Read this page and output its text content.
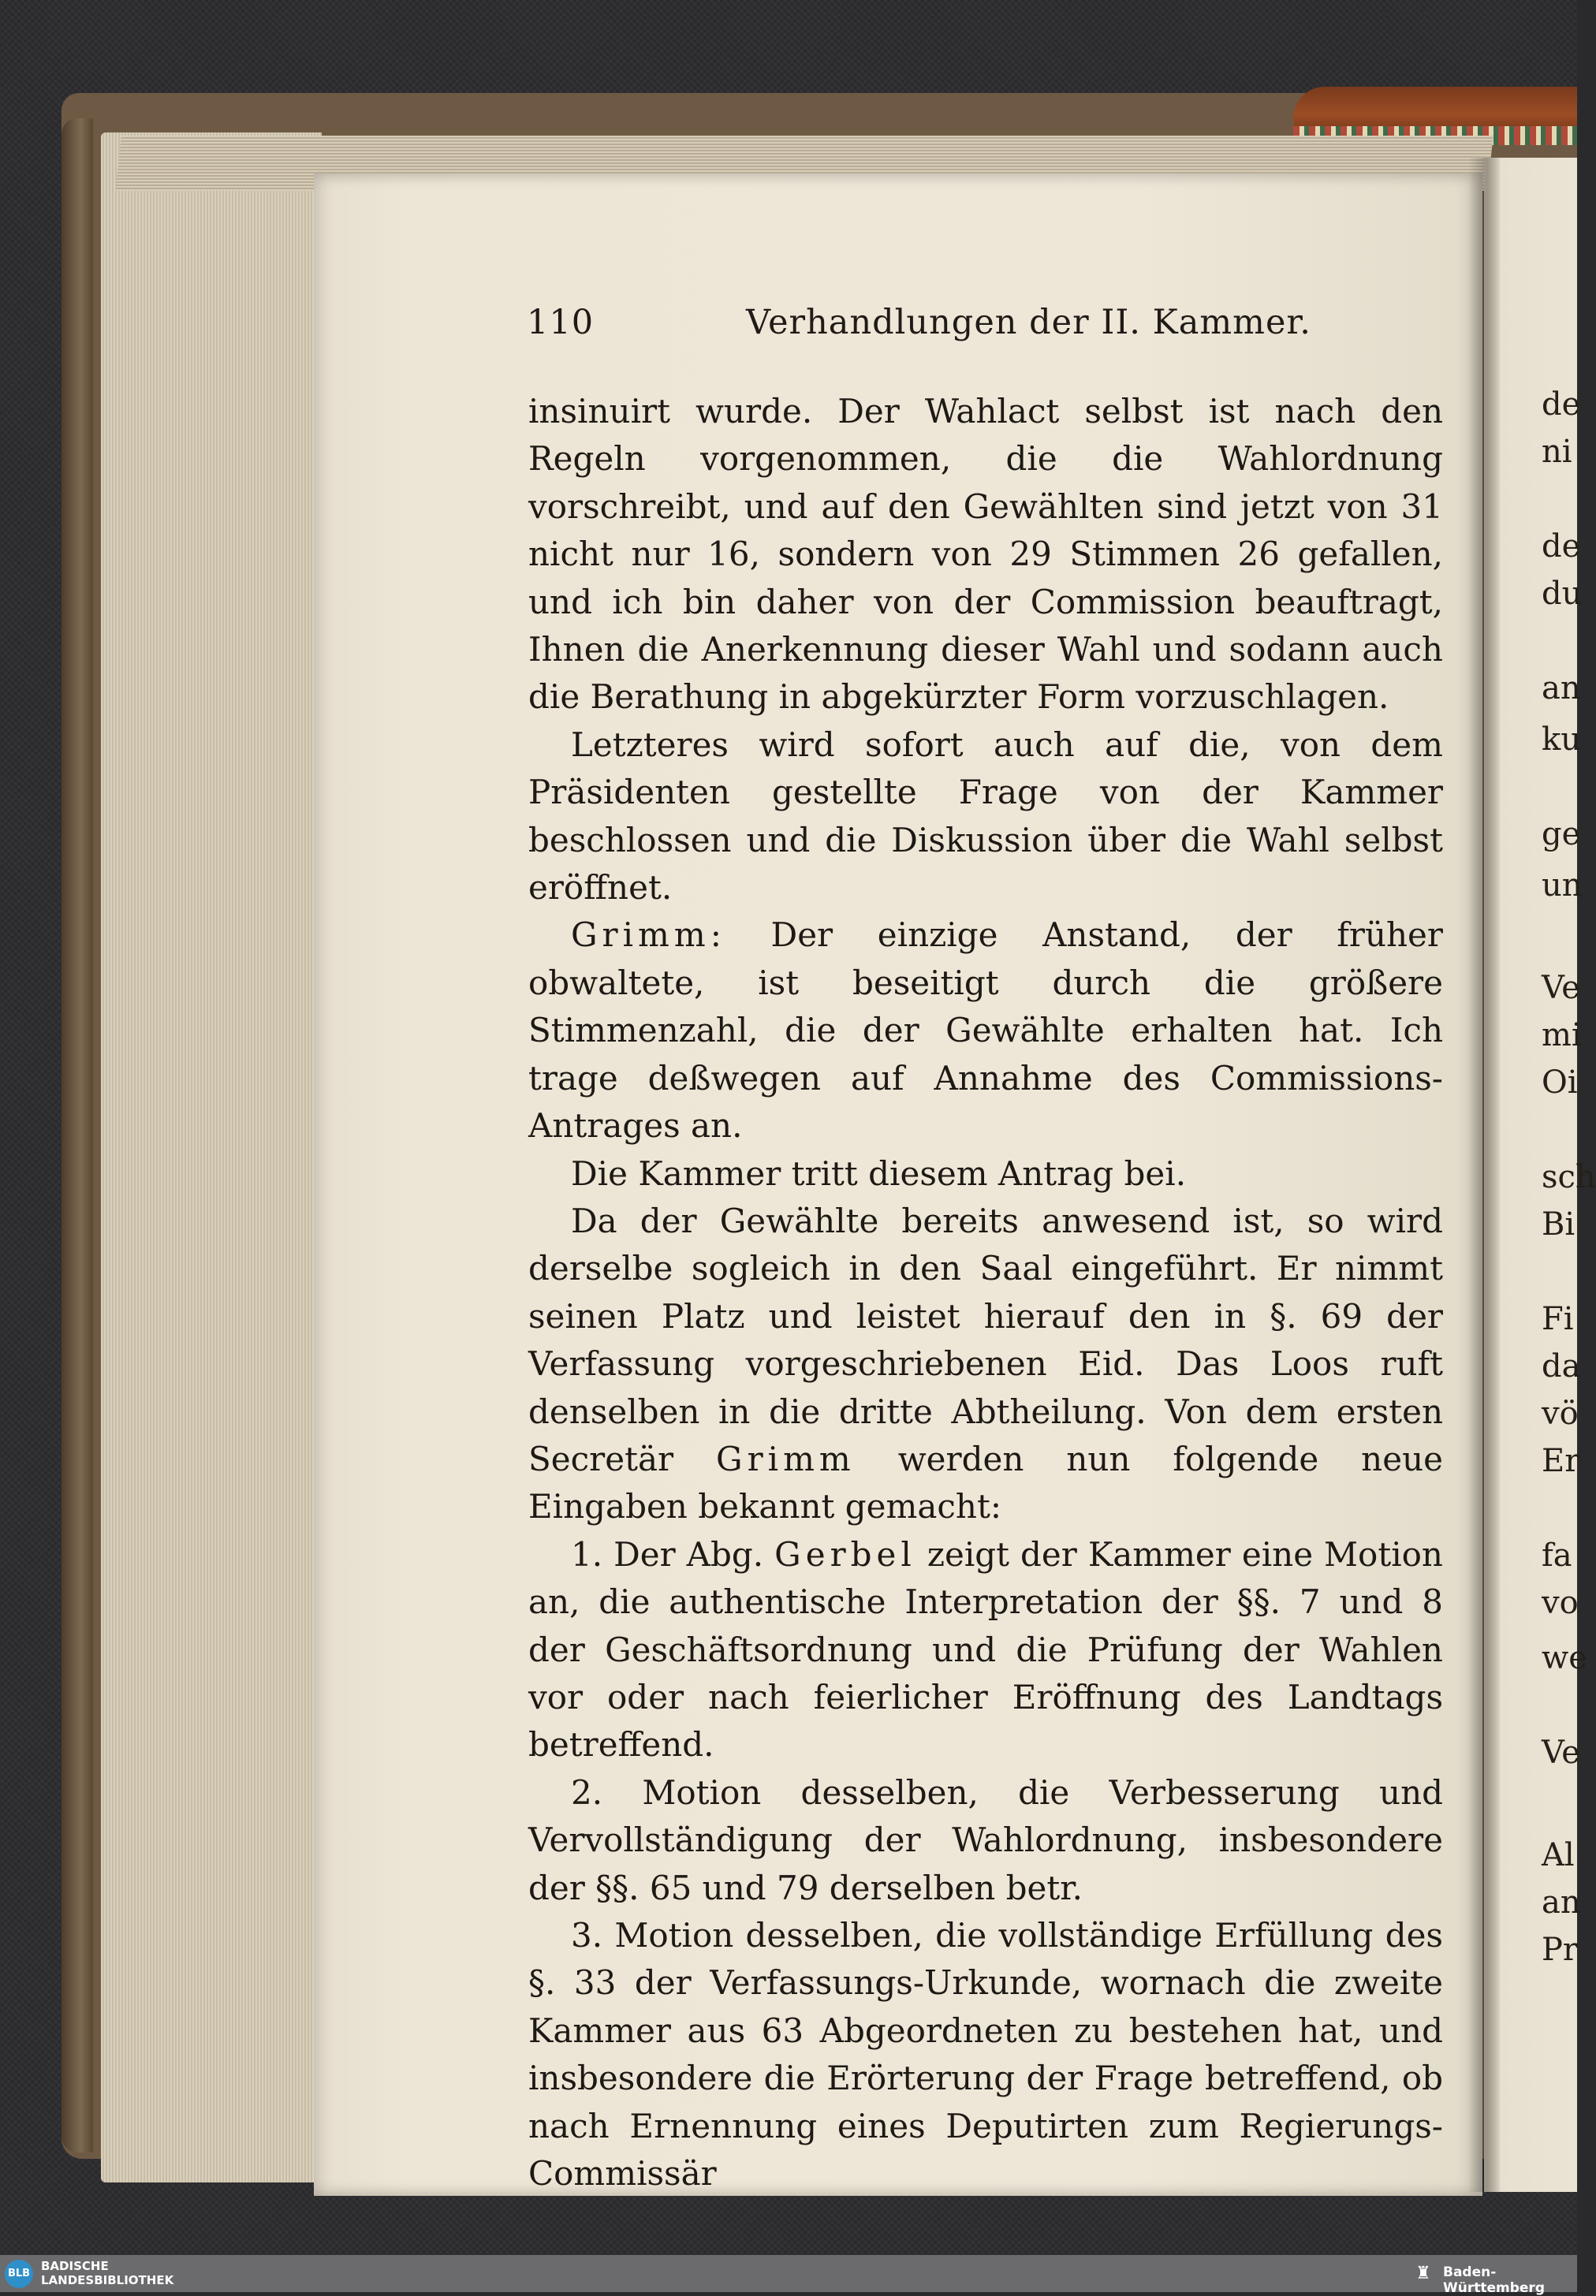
de
ni
de
du
an
ku
ge
un
Ve
mi
Oi
sch
Bi
Fi
da
vö
Er
fa
vo
we
Ve
Al
an
Pr
110	Verhandlungen der II. Kammer.

insinuirt wurde. Der Wahlact selbst ist nach den Regeln vorgenommen, die die Wahlordnung vorschreibt, und auf den Gewählten sind jetzt von 31 nicht nur 16, sondern von 29 Stimmen 26 gefallen, und ich bin daher von der Commission beauftragt, Ihnen die Anerkennung dieser Wahl und sodann auch die Berathung in abgekürzter Form vorzuschlagen.

Letzteres wird sofort auch auf die, von dem Präsidenten gestellte Frage von der Kammer beschlossen und die Diskussion über die Wahl selbst eröffnet.

Grimm: Der einzige Anstand, der früher obwaltete, ist beseitigt durch die größere Stimmenzahl, die der Gewählte erhalten hat. Ich trage deßwegen auf Annahme des Commissions-Antrages an.

Die Kammer tritt diesem Antrag bei.

Da der Gewählte bereits anwesend ist, so wird derselbe sogleich in den Saal eingeführt. Er nimmt seinen Platz und leistet hierauf den in §. 69 der Verfassung vorgeschriebenen Eid. Das Loos ruft denselben in die dritte Abtheilung. Von dem ersten Secretär Grimm werden nun folgende neue Eingaben bekannt gemacht:

1. Der Abg. Gerbel zeigt der Kammer eine Motion an, die authentische Interpretation der §§. 7 und 8 der Geschäftsordnung und die Prüfung der Wahlen vor oder nach feierlicher Eröffnung des Landtags betreffend.

2. Motion desselben, die Verbesserung und Vervollständigung der Wahlordnung, insbesondere der §§. 65 und 79 derselben betr.

3. Motion desselben, die vollständige Erfüllung des §. 33 der Verfassungs-Urkunde, wornach die zweite Kammer aus 63 Abgeordneten zu bestehen hat, und insbesondere die Erörterung der Frage betreffend, ob nach Ernennung eines Deputirten zum Regierungs-Commissär

BLB
BADISCHE
LANDESBIBLIOTHEK	♜ Baden-Württemberg
